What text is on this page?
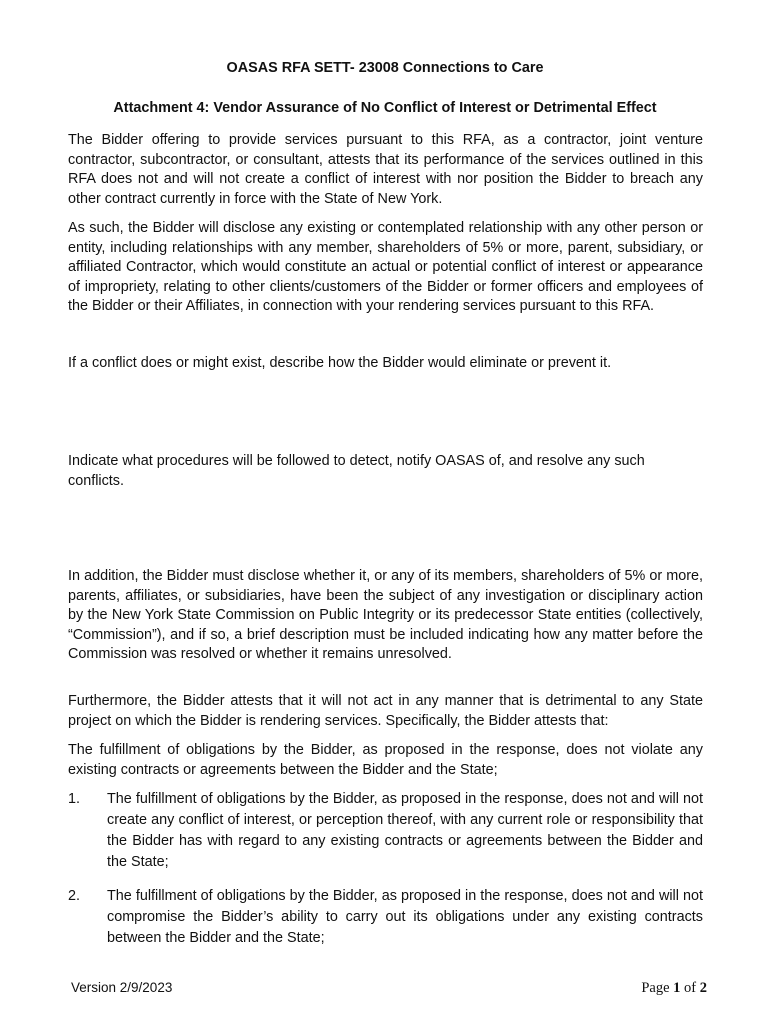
OASAS RFA SETT- 23008 Connections to Care
Attachment 4: Vendor Assurance of No Conflict of Interest or Detrimental Effect
The Bidder offering to provide services pursuant to this RFA, as a contractor, joint venture contractor, subcontractor, or consultant, attests that its performance of the services outlined in this RFA does not and will not create a conflict of interest with nor position the Bidder to breach any other contract currently in force with the State of New York.
As such, the Bidder will disclose any existing or contemplated relationship with any other person or entity, including relationships with any member, shareholders of 5% or more, parent, subsidiary, or affiliated Contractor, which would constitute an actual or potential conflict of interest or appearance of impropriety, relating to other clients/customers of the Bidder or former officers and employees of the Bidder or their Affiliates, in connection with your rendering services pursuant to this RFA.
If a conflict does or might exist, describe how the Bidder would eliminate or prevent it.
Indicate what procedures will be followed to detect, notify OASAS of, and resolve any such conflicts.
In addition, the Bidder must disclose whether it, or any of its members, shareholders of 5% or more, parents, affiliates, or subsidiaries, have been the subject of any investigation or disciplinary action by the New York State Commission on Public Integrity or its predecessor State entities (collectively, “Commission”), and if so, a brief description must be included indicating how any matter before the Commission was resolved or whether it remains unresolved.
Furthermore, the Bidder attests that it will not act in any manner that is detrimental to any State project on which the Bidder is rendering services. Specifically, the Bidder attests that:
The fulfillment of obligations by the Bidder, as proposed in the response, does not violate any existing contracts or agreements between the Bidder and the State;
1. The fulfillment of obligations by the Bidder, as proposed in the response, does not and will not create any conflict of interest, or perception thereof, with any current role or responsibility that the Bidder has with regard to any existing contracts or agreements between the Bidder and the State;
2. The fulfillment of obligations by the Bidder, as proposed in the response, does not and will not compromise the Bidder’s ability to carry out its obligations under any existing contracts between the Bidder and the State;
Version 2/9/2023	Page 1 of 2
